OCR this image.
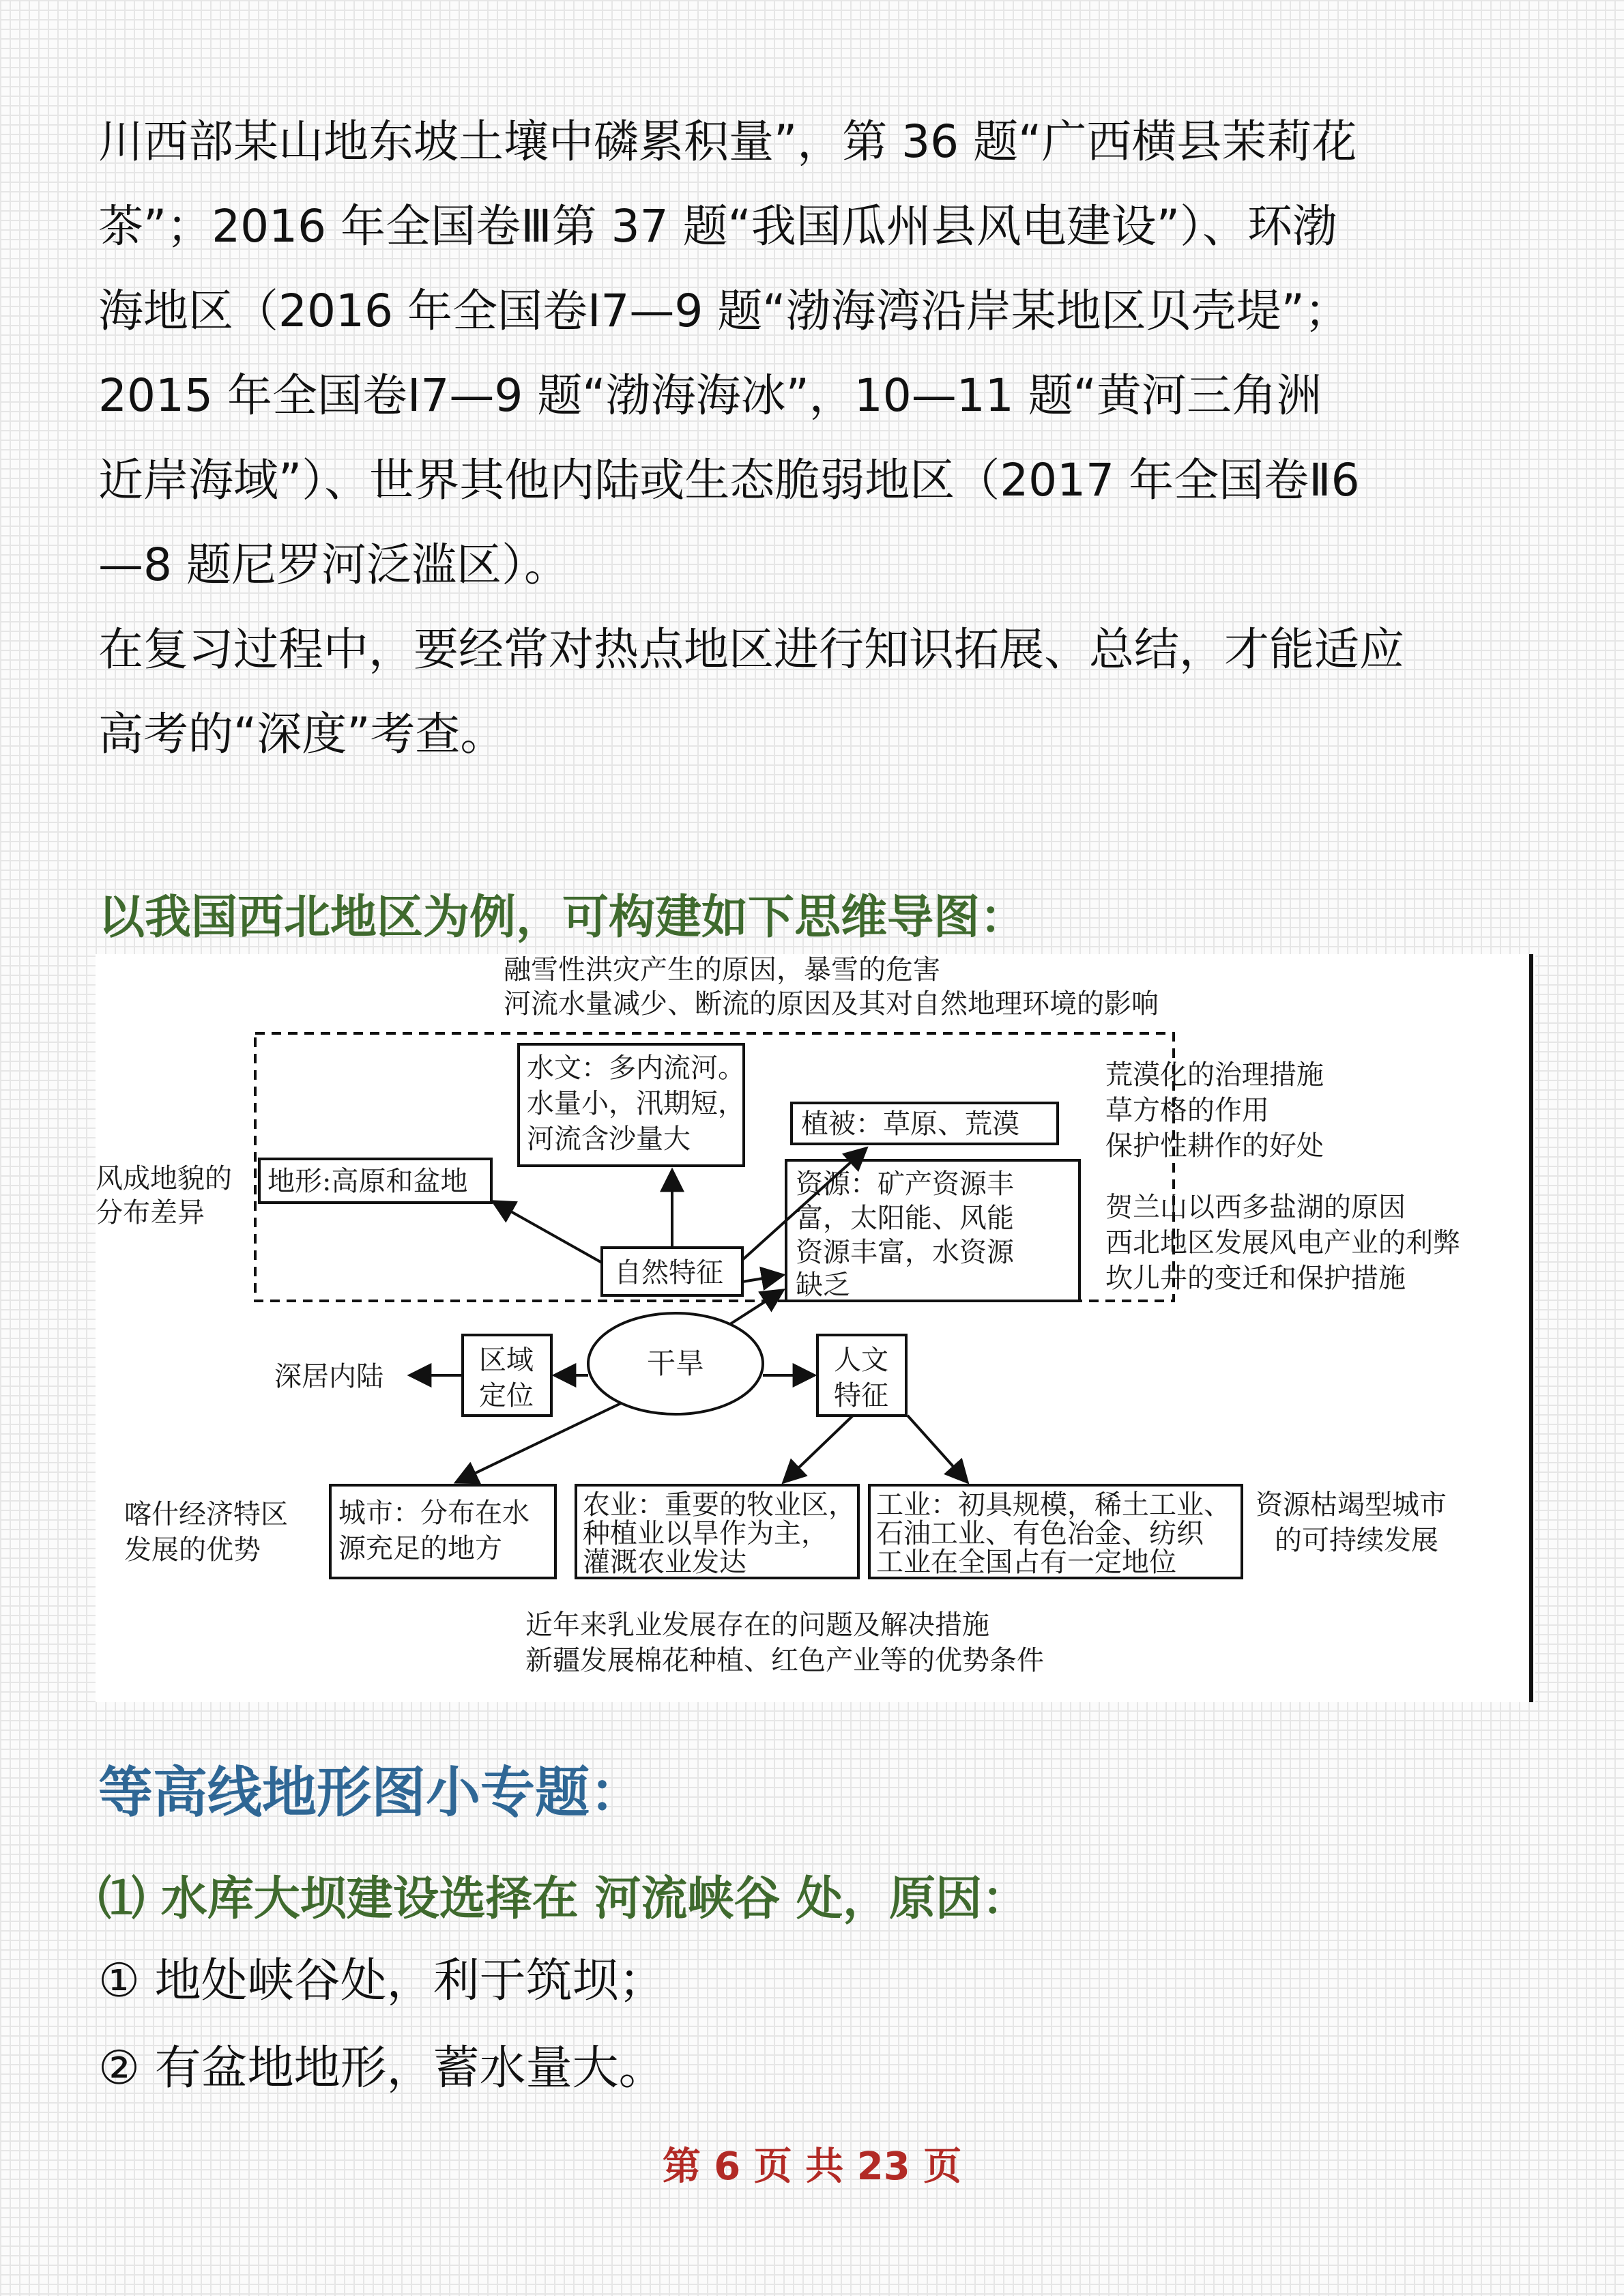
川西部某山地东坡土壤中磷累积量”，第 36 题“广西横县茉莉花
茶”；2016 年全国卷Ⅲ第 37 题“我国瓜州县风电建设”）、环渤
海地区（2016 年全国卷Ⅰ7—9 题“渤海湾沿岸某地区贝壳堤”；
2015 年全国卷Ⅰ7—9 题“渤海海冰”，10—11 题“黄河三角洲
近岸海域”）、世界其他内陆或生态脆弱地区（2017 年全国卷Ⅱ6
—8 题尼罗河泛滥区）。
在复习过程中，要经常对热点地区进行知识拓展、总结，才能适应
高考的“深度”考查。
以我国西北地区为例，可构建如下思维导图：
融雪性洪灾产生的原因，暴雪的危害
河流水量减少、断流的原因及其对自然地理环境的影响
水文：多内流河。
水量小，汛期短，
河流含沙量大	植被：草原、荒漠
地形:高原和盆地
风成地貌的
分布差异
资源：矿产资源丰
富，太阳能、风能
资源丰富，水资源
缺乏
自然特征
荒漠化的治理措施
草方格的作用
保护性耕作的好处
贺兰山以西多盐湖的原因
西北地区发展风电产业的利弊
坎儿井的变迁和保护措施
干旱
区域
定位
深居内陆
人文
特征
喀什经济特区
发展的优势
城市：分布在水
源充足的地方
农业：重要的牧业区，
种植业以旱作为主，
灌溉农业发达
工业：初具规模，稀土工业、
石油工业、有色冶金、纺织
工业在全国占有一定地位
资源枯竭型城市
的可持续发展
近年来乳业发展存在的问题及解决措施
新疆发展棉花种植、红色产业等的优势条件
等高线地形图小专题：
⑴ 水库大坝建设选择在 河流峡谷 处，原因：
① 地处峡谷处，利于筑坝；
② 有盆地地形，蓄水量大。
第 6 页 共 23 页
